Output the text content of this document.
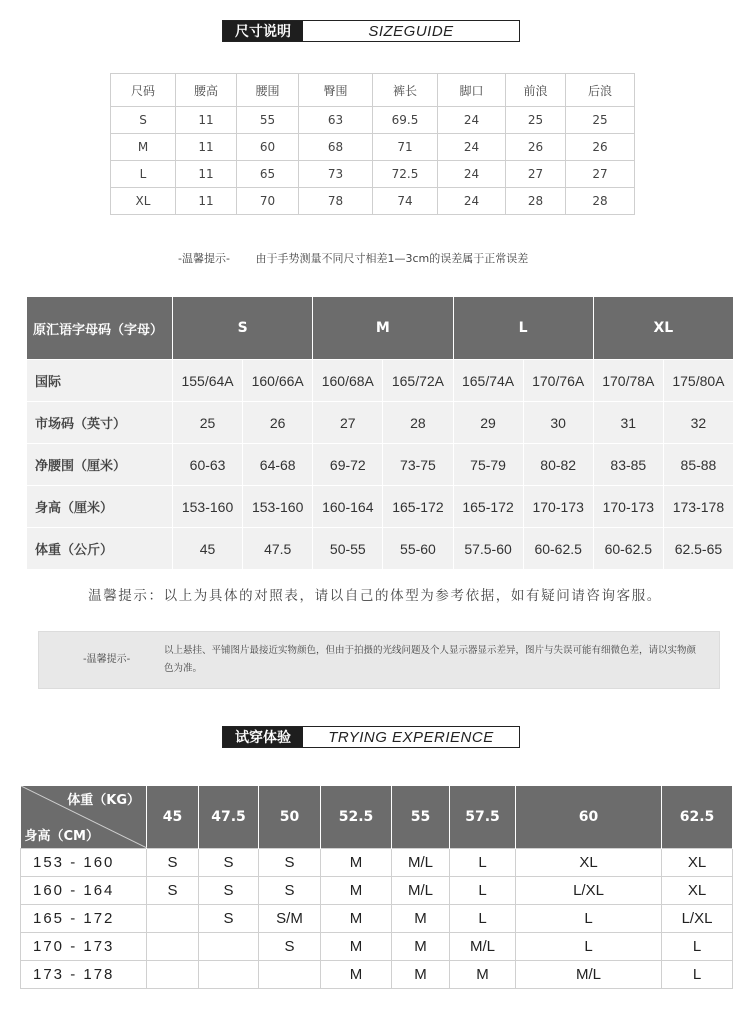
尺寸说明	SIZEGUIDE
尺码	腰高	腰围	臀围	裤长	脚口	前浪	后浪
S	11	55	63	69.5	24	25	25
M	11	60	68	71	24	26	26
L	11	65	73	72.5	24	27	27
XL	11	70	78	74	24	28	28
-温馨提示- 由于手势测量不同尺寸相差1—3cm的误差属于正常误差
原汇语字母码（字母）	S		M		L		XL	
国际	155/64A	160/66A	160/68A	165/72A	165/74A	170/76A	170/78A	175/80A
市场码（英寸）	25	26	27	28	29	30	31	32
净腰围（厘米）	60-63	64-68	69-72	73-75	75-79	80-82	83-85	85-88
身高（厘米）	153-160	153-160	160-164	165-172	165-172	170-173	170-173	173-178
体重（公斤）	45	47.5	50-55	55-60	57.5-60	60-62.5	60-62.5	62.5-65
温馨提示：以上为具体的对照表，请以自己的体型为参考依据，如有疑问请咨询客服。
-温馨提示-
以上悬挂、平铺图片最接近实物颜色，但由于拍摄的光线问题及个人显示器显示差异，图片与失误可能有细微色差，请以实物颜色为准。
试穿体验	TRYING EXPERIENCE
体重（KG）
身高（CM）	45	47.5	50	52.5	55	57.5	60	62.5
153 - 160	S	S	S	M	M/L	L	XL	XL
160 - 164	S	S	S	M	M/L	L	L/XL	XL
165 - 172		S	S/M	M	M	L	L	L/XL
170 - 173			S	M	M	M/L	L	L
173 - 178				M	M	M	M/L	L
